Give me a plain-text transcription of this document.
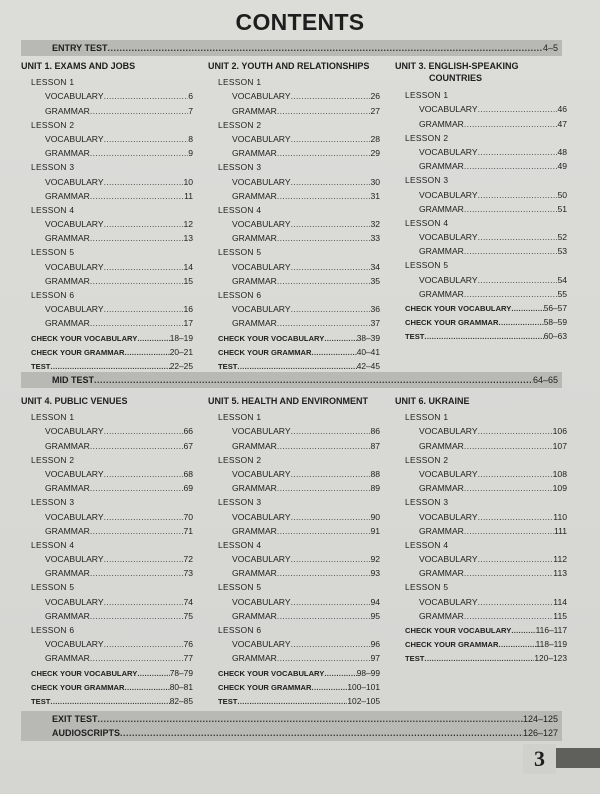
CONTENTS
ENTRY TEST .....	4–5
UNIT 1. EXAMS AND JOBS
LESSON 1
VOCABULARY .....	6
GRAMMAR .....	7
LESSON 2
VOCABULARY .....	8
GRAMMAR .....	9
LESSON 3
VOCABULARY .....	10
GRAMMAR .....	11
LESSON 4
VOCABULARY .....	12
GRAMMAR .....	13
LESSON 5
VOCABULARY .....	14
GRAMMAR .....	15
LESSON 6
VOCABULARY .....	16
GRAMMAR .....	17
CHECK YOUR VOCABULARY .....	18–19
CHECK YOUR GRAMMAR .....	20–21
TEST .....	22–25
UNIT 2. YOUTH AND RELATIONSHIPS
LESSON 1
VOCABULARY .....	26
GRAMMAR .....	27
LESSON 2
VOCABULARY .....	28
GRAMMAR .....	29
LESSON 3
VOCABULARY .....	30
GRAMMAR .....	31
LESSON 4
VOCABULARY .....	32
GRAMMAR .....	33
LESSON 5
VOCABULARY .....	34
GRAMMAR .....	35
LESSON 6
VOCABULARY .....	36
GRAMMAR .....	37
CHECK YOUR VOCABULARY .....	38–39
CHECK YOUR GRAMMAR .....	40–41
TEST .....	42–45
UNIT 3. ENGLISH-SPEAKING
COUNTRIES
LESSON 1
VOCABULARY .....	46
GRAMMAR .....	47
LESSON 2
VOCABULARY .....	48
GRAMMAR .....	49
LESSON 3
VOCABULARY .....	50
GRAMMAR .....	51
LESSON 4
VOCABULARY .....	52
GRAMMAR .....	53
LESSON 5
VOCABULARY .....	54
GRAMMAR .....	55
CHECK YOUR VOCABULARY .....	56–57
CHECK YOUR GRAMMAR .....	58–59
TEST .....	60–63
MID TEST .....	64–65
UNIT 4. PUBLIC VENUES
LESSON 1
VOCABULARY .....	66
GRAMMAR .....	67
LESSON 2
VOCABULARY .....	68
GRAMMAR .....	69
LESSON 3
VOCABULARY .....	70
GRAMMAR .....	71
LESSON 4
VOCABULARY .....	72
GRAMMAR .....	73
LESSON 5
VOCABULARY .....	74
GRAMMAR .....	75
LESSON 6
VOCABULARY .....	76
GRAMMAR .....	77
CHECK YOUR VOCABULARY .....	78–79
CHECK YOUR GRAMMAR .....	80–81
TEST .....	82–85
UNIT 5. HEALTH AND ENVIRONMENT
LESSON 1
VOCABULARY .....	86
GRAMMAR .....	87
LESSON 2
VOCABULARY .....	88
GRAMMAR .....	89
LESSON 3
VOCABULARY .....	90
GRAMMAR .....	91
LESSON 4
VOCABULARY .....	92
GRAMMAR .....	93
LESSON 5
VOCABULARY .....	94
GRAMMAR .....	95
LESSON 6
VOCABULARY .....	96
GRAMMAR .....	97
CHECK YOUR VOCABULARY .....	98–99
CHECK YOUR GRAMMAR .....	100–101
TEST .....	102–105
UNIT 6. UKRAINE
LESSON 1
VOCABULARY .....	106
GRAMMAR .....	107
LESSON 2
VOCABULARY .....	108
GRAMMAR .....	109
LESSON 3
VOCABULARY .....	110
GRAMMAR .....	111
LESSON 4
VOCABULARY .....	112
GRAMMAR .....	113
LESSON 5
VOCABULARY .....	114
GRAMMAR .....	115
CHECK YOUR VOCABULARY .....	116–117
CHECK YOUR GRAMMAR .....	118–119
TEST .....	120–123
EXIT TEST .....	124–125
AUDIOSCRIPTS .....	126–127
3
